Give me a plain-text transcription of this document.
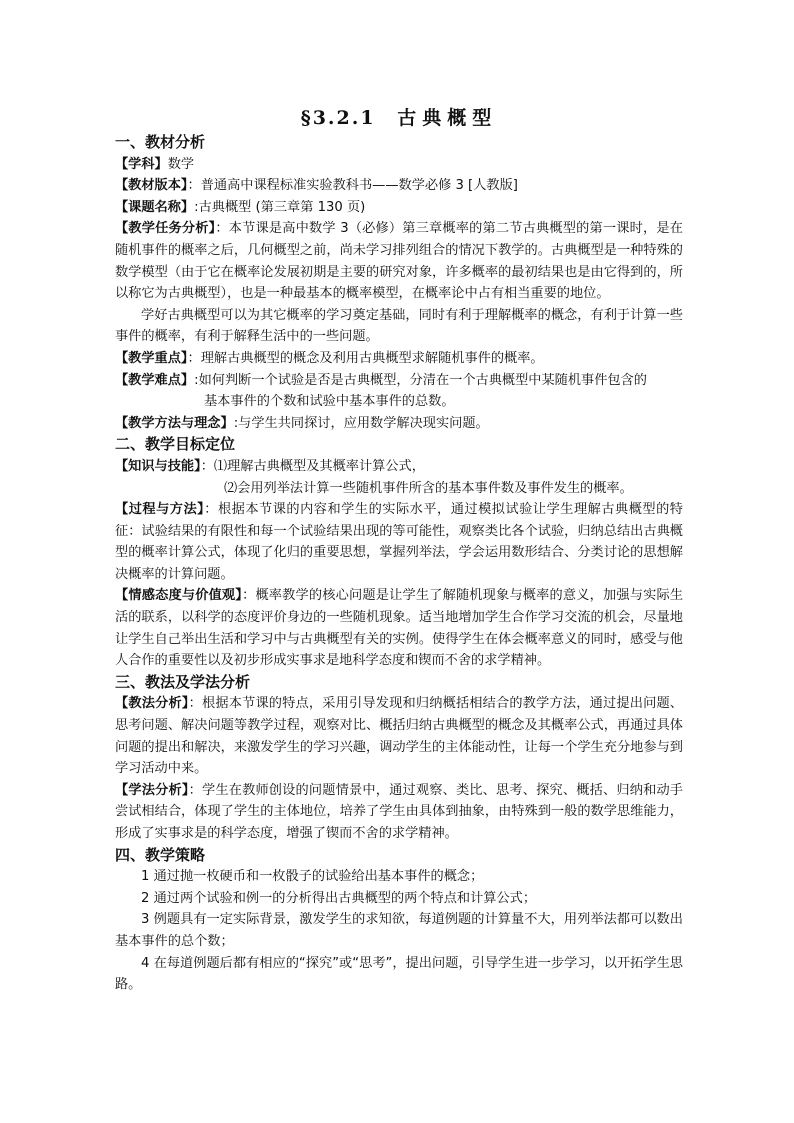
§3.2.1 古典概型
一、教材分析

【学科】数学

【教材版本】：普通高中课程标准实验教科书——数学必修 3 [人教版]

【课题名称】:古典概型 (第三章第 130 页)

【教学任务分析】：本节课是高中数学 3（必修）第三章概率的第二节古典概型的第一课时，是在随机事件的概率之后，几何概型之前，尚未学习排列组合的情况下教学的。古典概型是一种特殊的数学模型（由于它在概率论发展初期是主要的研究对象，许多概率的最初结果也是由它得到的，所以称它为古典概型），也是一种最基本的概率模型，在概率论中占有相当重要的地位。

学好古典概型可以为其它概率的学习奠定基础，同时有利于理解概率的概念，有利于计算一些事件的概率，有利于解释生活中的一些问题。

【教学重点】：理解古典概型的概念及利用古典概型求解随机事件的概率。

【教学难点】:如何判断一个试验是否是古典概型，分清在一个古典概型中某随机事件包含的

基本事件的个数和试验中基本事件的总数。

【教学方法与理念】:与学生共同探讨，应用数学解决现实问题。

二、教学目标定位

【知识与技能】：⑴理解古典概型及其概率计算公式，

⑵会用列举法计算一些随机事件所含的基本事件数及事件发生的概率。

【过程与方法】：根据本节课的内容和学生的实际水平，通过模拟试验让学生理解古典概型的特征：试验结果的有限性和每一个试验结果出现的等可能性，观察类比各个试验，归纳总结出古典概型的概率计算公式，体现了化归的重要思想，掌握列举法，学会运用数形结合、分类讨论的思想解决概率的计算问题。

【情感态度与价值观】：概率教学的核心问题是让学生了解随机现象与概率的意义，加强与实际生活的联系，以科学的态度评价身边的一些随机现象。适当地增加学生合作学习交流的机会，尽量地让学生自己举出生活和学习中与古典概型有关的实例。使得学生在体会概率意义的同时，感受与他人合作的重要性以及初步形成实事求是地科学态度和锲而不舍的求学精神。

三、教法及学法分析

【教法分析】：根据本节课的特点，采用引导发现和归纳概括相结合的教学方法，通过提出问题、思考问题、解决问题等教学过程，观察对比、概括归纳古典概型的概念及其概率公式，再通过具体问题的提出和解决，来激发学生的学习兴趣，调动学生的主体能动性，让每一个学生充分地参与到学习活动中来。

【学法分析】：学生在教师创设的问题情景中，通过观察、类比、思考、探究、概括、归纳和动手尝试相结合，体现了学生的主体地位，培养了学生由具体到抽象，由特殊到一般的数学思维能力，形成了实事求是的科学态度，增强了锲而不舍的求学精神。

四、教学策略

1 通过抛一枚硬币和一枚骰子的试验给出基本事件的概念；

2 通过两个试验和例一的分析得出古典概型的两个特点和计算公式；

3 例题具有一定实际背景，激发学生的求知欲，每道例题的计算量不大，用列举法都可以数出基本事件的总个数；

4 在每道例题后都有相应的“探究”或“思考”，提出问题，引导学生进一步学习，以开拓学生思路。
